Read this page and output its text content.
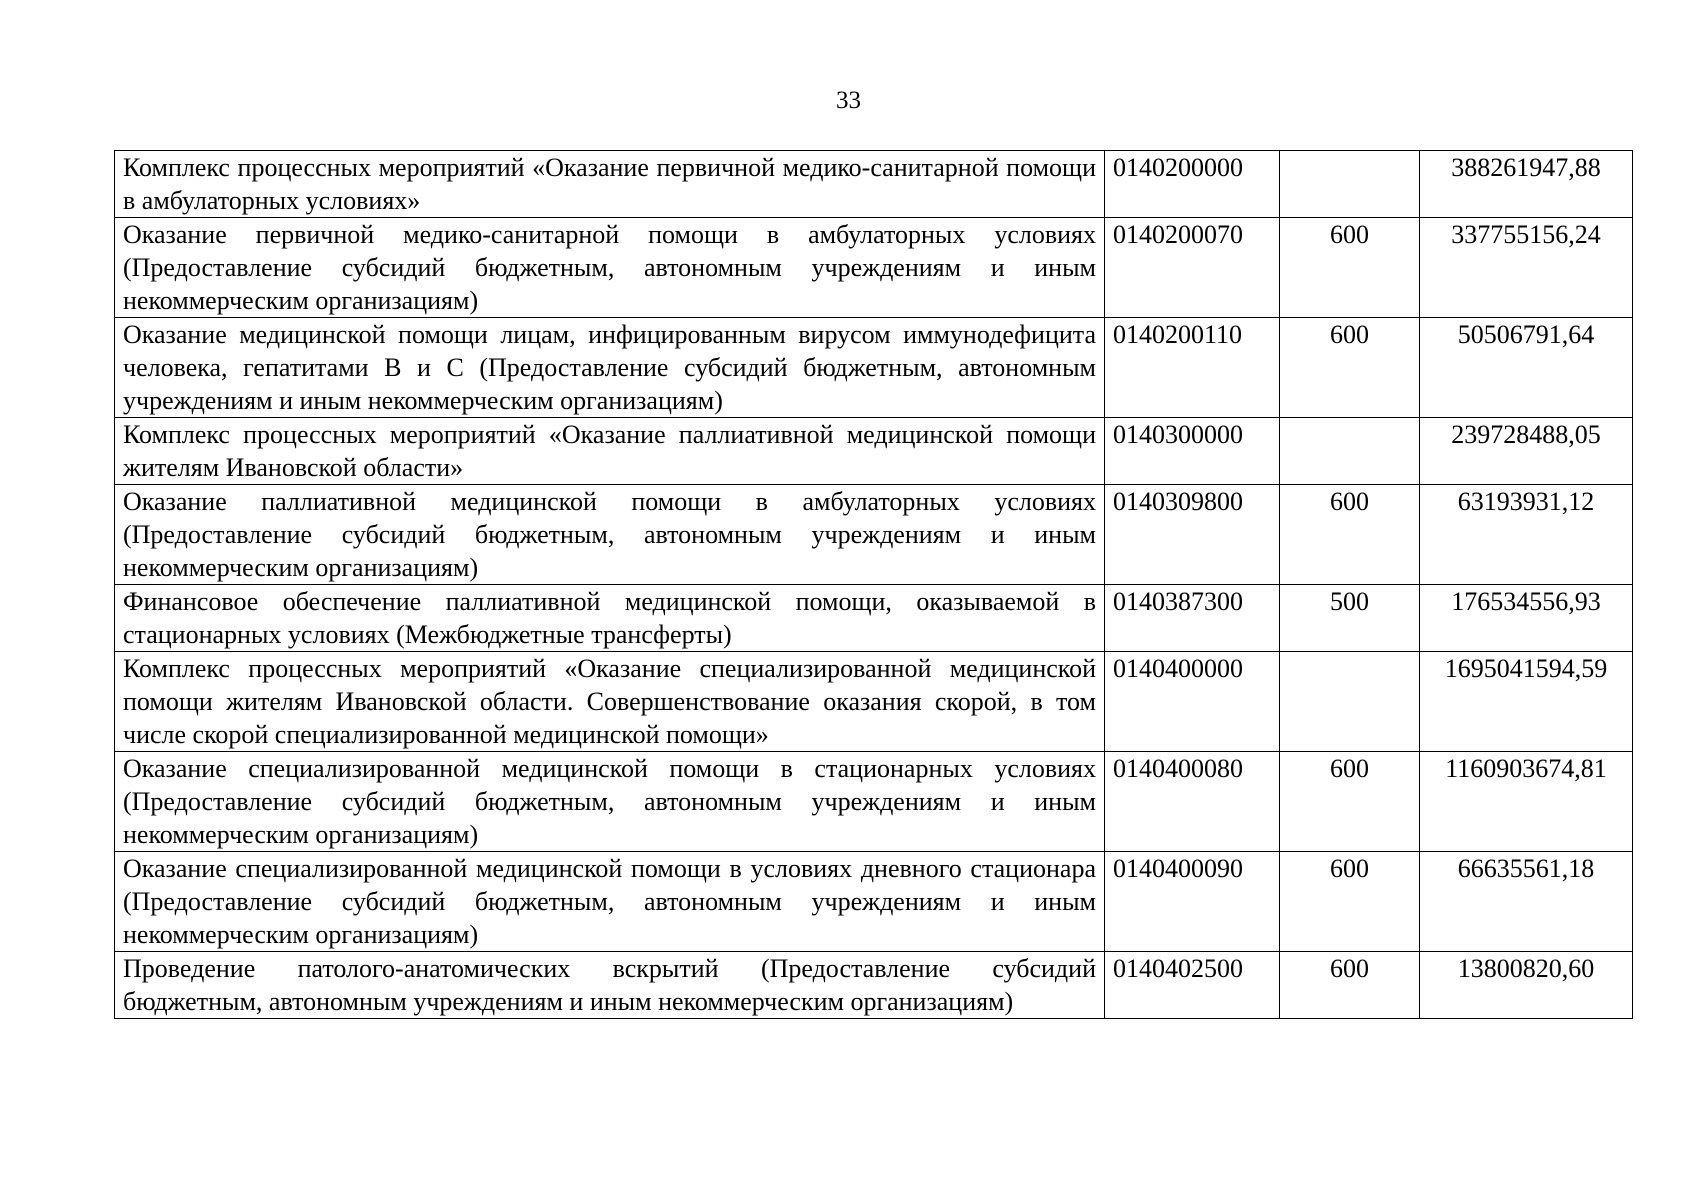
33
Комплекс процессных мероприятий «Оказание первичной медико-санитарной помощи в амбулаторных условиях»	0140200000		388261947,88
Оказание первичной медико-санитарной помощи в амбулаторных условиях (Предоставление субсидий бюджетным, автономным учреждениям и иным некоммерческим организациям)	0140200070	600	337755156,24
Оказание медицинской помощи лицам, инфицированным вирусом иммунодефицита человека, гепатитами В и С (Предоставление субсидий бюджетным, автономным учреждениям и иным некоммерческим организациям)	0140200110	600	50506791,64
Комплекс процессных мероприятий «Оказание паллиативной медицинской помощи жителям Ивановской области»	0140300000		239728488,05
Оказание паллиативной медицинской помощи в амбулаторных условиях (Предоставление субсидий бюджетным, автономным учреждениям и иным некоммерческим организациям)	0140309800	600	63193931,12
Финансовое обеспечение паллиативной медицинской помощи, оказываемой в стационарных условиях (Межбюджетные трансферты)	0140387300	500	176534556,93
Комплекс процессных мероприятий «Оказание специализированной медицинской помощи жителям Ивановской области. Совершенствование оказания скорой, в том числе скорой специализированной медицинской помощи»	0140400000		1695041594,59
Оказание специализированной медицинской помощи в стационарных условиях (Предоставление субсидий бюджетным, автономным учреждениям и иным некоммерческим организациям)	0140400080	600	1160903674,81
Оказание специализированной медицинской помощи в условиях дневного стационара (Предоставление субсидий бюджетным, автономным учреждениям и иным некоммерческим организациям)	0140400090	600	66635561,18
Проведение патолого-анатомических вскрытий (Предоставление субсидий бюджетным, автономным учреждениям и иным некоммерческим организациям)	0140402500	600	13800820,60
